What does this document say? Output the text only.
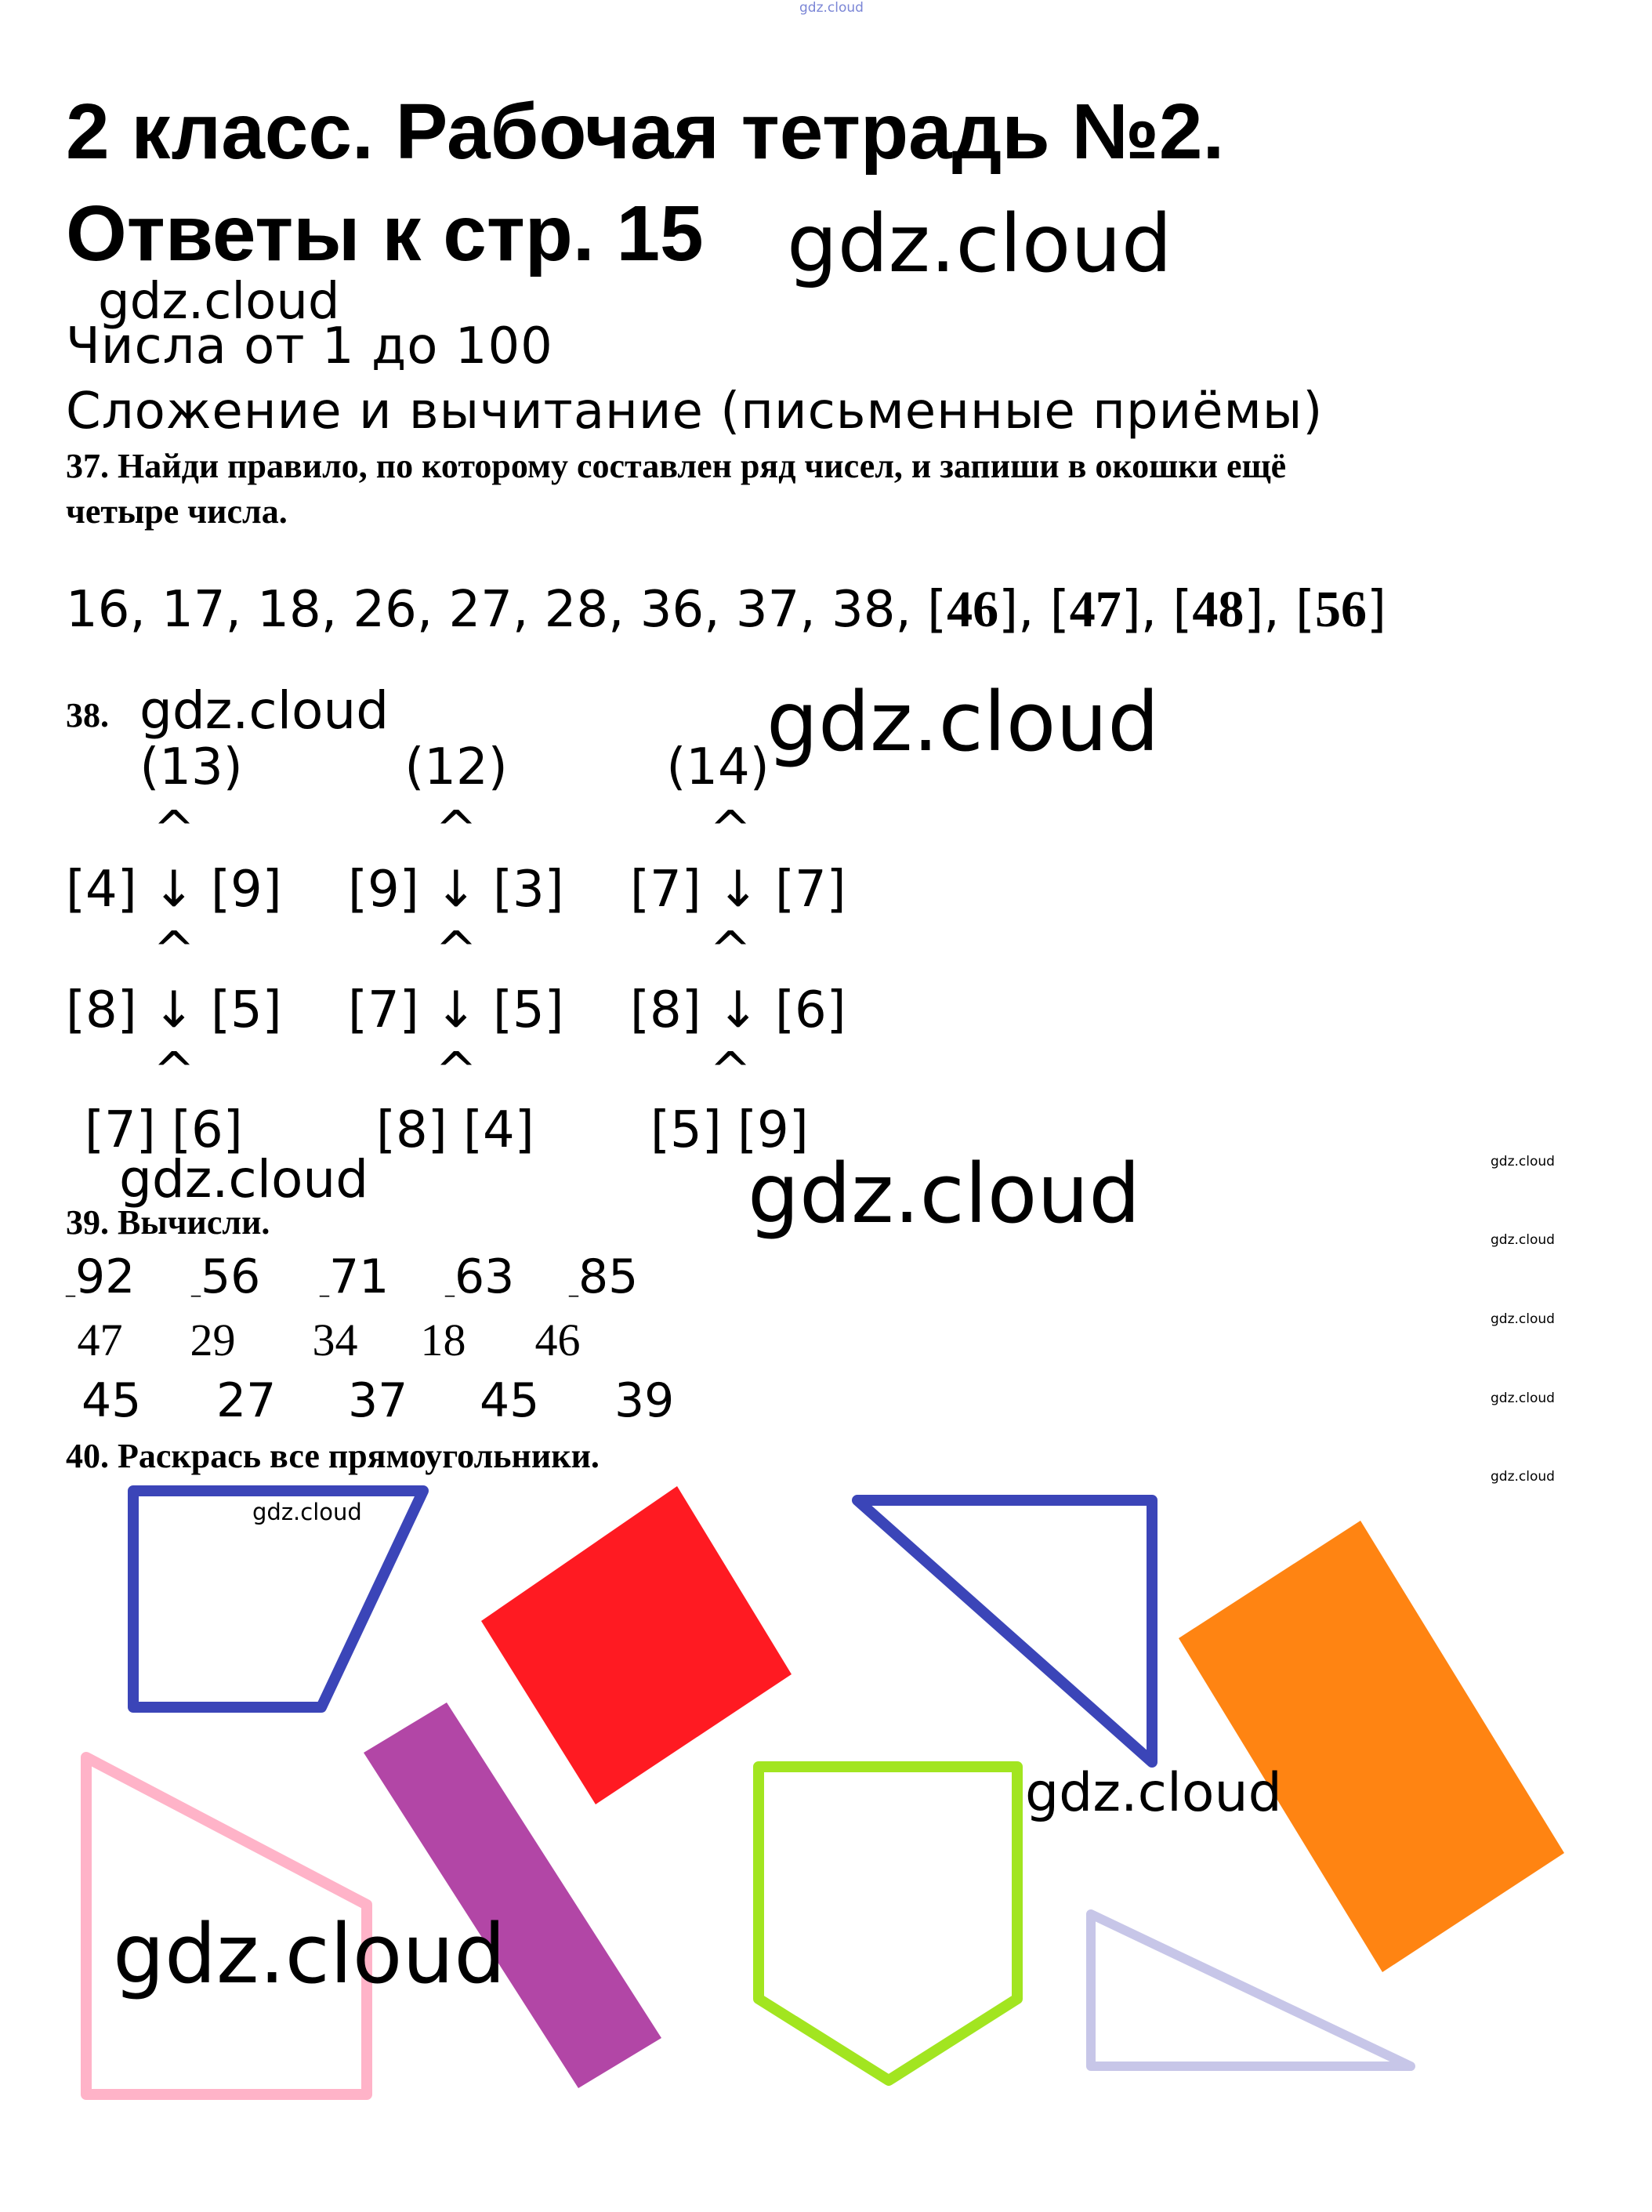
gdz.cloud
2 класс. Рабочая тетрадь №2.
Ответы к стр. 15 gdz.cloud
gdz.cloud
Числа от 1 до 100
Сложение и вычитание (письменные приёмы)
37. Найди правило, по которому составлен ряд чисел, и запиши в окошки ещё
четыре числа.
16, 17, 18, 26, 27, 28, 36, 37, 38, [46], [47], [48], [56]
38. gdz.cloud	gdz.cloud
(13)
^
[4] ↓ [9]
^
[8] ↓ [5]
^
[7] [6]
(12)
^
[9] ↓ [3]
^
[7] ↓ [5]
^
[8] [4]
(14)
^
[7] ↓ [7]
^
[8] ↓ [6]
^
[5] [9]
gdz.cloud	gdz.cloud	gdz.cloud
gdz.cloud
gdz.cloud
gdz.cloud
gdz.cloud
39. Вычисли.
_92	_56	_71	_63	_85
47 29 34 18 46
45 27 37 45 39
40. Раскрась все прямоугольники.
gdz.cloud
gdz.cloud
gdz.cloud
